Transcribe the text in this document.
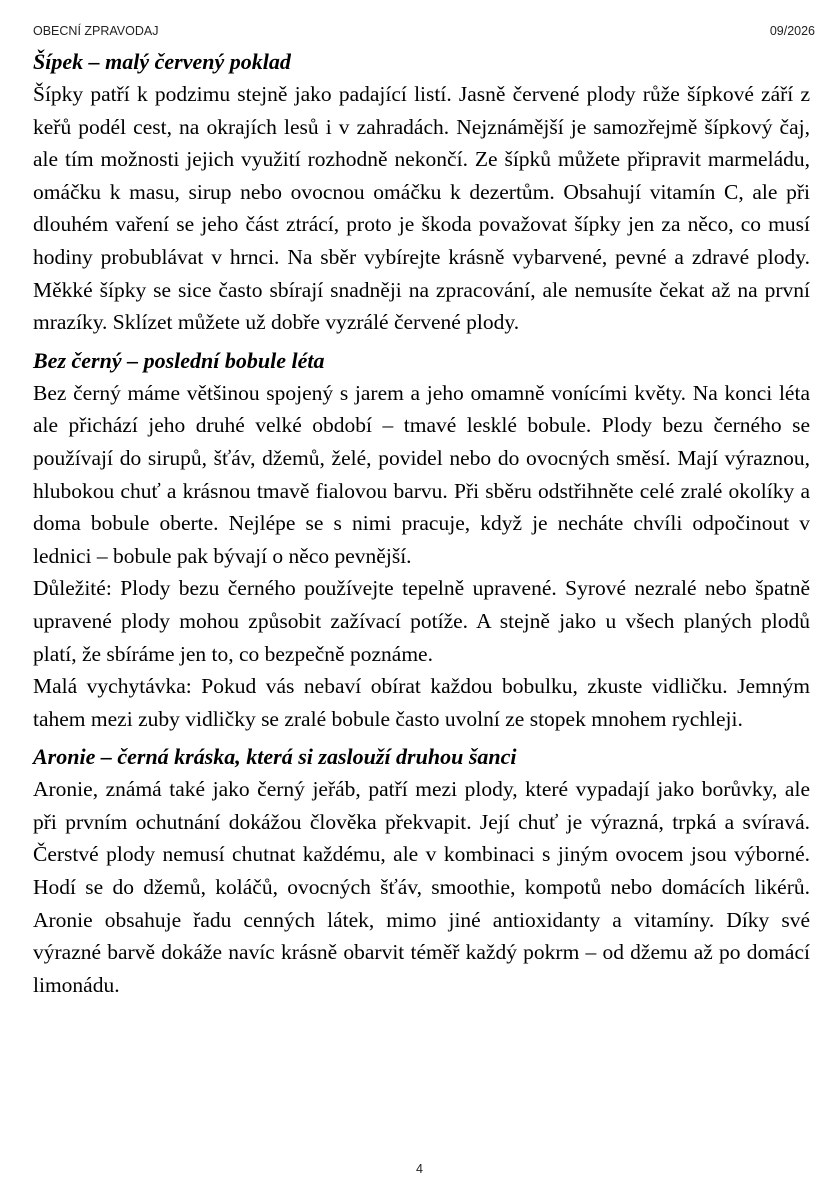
OBECNÍ ZPRAVODAJ	09/2026
Šípek – malý červený poklad

Šípky patří k podzimu stejně jako padající listí. Jasně červené plody růže šípkové září z keřů podél cest, na okrajích lesů i v zahradách. Nejznámější je samozřejmě šípkový čaj, ale tím možnosti jejich využití rozhodně nekončí. Ze šípků můžete připravit marmeládu, omáčku k masu, sirup nebo ovocnou omáčku k dezertům. Obsahují vitamín C, ale při dlouhém vaření se jeho část ztrácí, proto je škoda považovat šípky jen za něco, co musí hodiny probublávat v hrnci. Na sběr vybírejte krásně vybarvené, pevné a zdravé plody. Měkké šípky se sice často sbírají snadněji na zpracování, ale nemusíte čekat až na první mrazíky. Sklízet můžete už dobře vyzrálé červené plody.

Bez černý – poslední bobule léta

Bez černý máme většinou spojený s jarem a jeho omamně vonícími květy. Na konci léta ale přichází jeho druhé velké období – tmavé lesklé bobule. Plody bezu černého se používají do sirupů, šťáv, džemů, želé, povidel nebo do ovocných směsí. Mají výraznou, hlubokou chuť a krásnou tmavě fialovou barvu. Při sběru odstřihněte celé zralé okolíky a doma bobule oberte. Nejlépe se s nimi pracuje, když je necháte chvíli odpočinout v lednici – bobule pak bývají o něco pevnější.

Důležité: Plody bezu černého používejte tepelně upravené. Syrové nezralé nebo špatně upravené plody mohou způsobit zažívací potíže. A stejně jako u všech planých plodů platí, že sbíráme jen to, co bezpečně poznáme.

Malá vychytávka: Pokud vás nebaví obírat každou bobulku, zkuste vidličku. Jemným tahem mezi zuby vidličky se zralé bobule často uvolní ze stopek mnohem rychleji.

Aronie – černá kráska, která si zaslouží druhou šanci

Aronie, známá také jako černý jeřáb, patří mezi plody, které vypadají jako borůvky, ale při prvním ochutnání dokážou člověka překvapit. Její chuť je výrazná, trpká a svíravá. Čerstvé plody nemusí chutnat každému, ale v kombinaci s jiným ovocem jsou výborné. Hodí se do džemů, koláčů, ovocných šťáv, smoothie, kompotů nebo domácích likérů. Aronie obsahuje řadu cenných látek, mimo jiné antioxidanty a vitamíny. Díky své výrazné barvě dokáže navíc krásně obarvit téměř každý pokrm – od džemu až po domácí limonádu.

4
